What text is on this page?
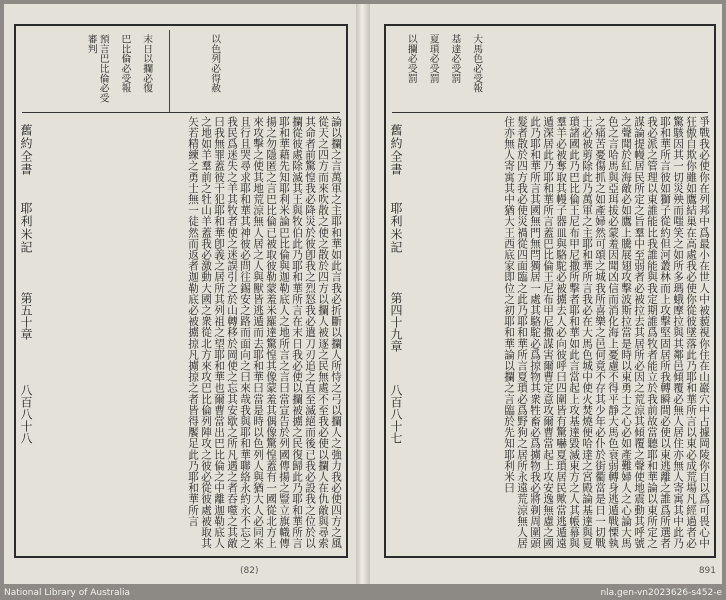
末日以攔必復

巴比倫必受報

預言巴比倫必受審判	以色列必得赦

論以攔之言萬軍之主耶和華如此言我必折斷以攔人所恃之弓以攔人之強力我必使四方之風從天之四方而來吹散之使之散於四方以攔人被逐之民無處不至我必使以攔人在仇敵與尋索其命者前驚惶我必降災於彼卽我之烈怒我必遣刀刃追之直至滅絕而後已我必設我之位於以攔從彼處除滅其王與牧伯此乃耶和華所言在末日我必使以攔被擄之民復歸此乃耶和華所言耶和華藉先知耶利米論巴比倫與迦勒底人之地所言之言曰當宣告於列國傳揚之豎立旗幟傳揚之勿隱匿之言巴比倫已被取彼勒蒙羞米羅達驚惶其像蒙羞其偶像驚惶蓋有一國從北方上來攻擊之使其地荒涼無人居之人與獸皆逃遁而去耶和華曰當是時以色列人與猶大人必同來且行且哭尋求耶和華其神彼必問往錫安之路而面向之曰來哉我與耶和華聯絡永約永不忘之我民爲迷失之羊其牧者使之迷誤引之於山轉移於岡使之忘其安歇之所凡遇之者吞噬之其敵曰我無罪蓋彼干犯耶和華卽義之居所其列祖之望耶和華也爾曹當出巴比倫之中離迦勒底人之地如羊羣前之牡山羊蓋我必激動大國之衆從北方來攻巴比倫列陣攻之彼必從彼處被取其矢若精練之勇士無一徒然而返者迦勒底必被擄掠凡擄掠之者皆得饜足此乃耶和華所言

舊約全書
耶利米記
第五十章
八百八十八
(82)

大馬色必受報

基達必受罰

夏瑣必受罰

以攔必受罰

爭戰我必使你在列邦中爲最小在世人中被藐視你住在山巖穴中占據岡陵你自以爲可畏心中狂傲自欺你雖如鷹結巢在高處我必使你從彼墜落此乃耶和華所言以東必成荒場凡經過者必驚駭因其一切災殃而嗤笑之如所多瑪蛾摩拉與其鄰邑傾覆必無人居住亦無人寄寓其中此乃耶和華所言彼如獅子從約但河叢林而上攻擊堅固居所我轉瞬間必使以東逃離之誰爲所選者我必派之管理以東誰能比我誰能與我定期誰爲牧者能立於我前故當聽耶和華論以東所定之謀論提幔居民所定之旨羣中至弱者必被拉去其居所必因之荒涼其傾覆之聲使地震動其呼號之聲聞於紅海敵必如鷹上騰展翅攻擊波斯拉當是時以東勇士之心必如產難婦人之心論大馬色之言哈馬與亞珥拔必蒙羞因聞凶信而消化海上憂慮不得平靜大馬色衰弱轉身逃遁戰慄執之痛苦憂傷抓之如產婦然可頌之城我所喜樂之邑何竟不存其少年必仆於街衢當是日一切戰士必被剪除此乃萬軍之主耶和華所言我必在大馬色城中使火焚燒便哈達之宮殿論基達與夏瑣諸國此乃巴比倫王尼布甲尼撒所擊者耶和華如此言當起上攻基達毀滅東方之人其帳幕與羣羊必被奪取其幔子器皿與駱駝必被擄去人必向彼呼曰四圍皆有驚嚇夏瑣居民歟當逃遁遠遁深居此乃耶和華所言蓋巴比倫王尼布甲尼撒謀害爾曹定意攻爾曹當起上攻安逸無慮之國此乃耶和華所言其國無門無閂獨居一處其駱駝必爲掠物其衆牲畜必爲擄物我必將剃周圍頭髮者散於四方我必使災禍從四面臨之此乃耶和華所言夏瑣必爲野狗之居所永遠荒涼無人居住亦無人寄寓其中猶大王西底家即位之初耶和華論以攔之言臨於先知耶利米曰

舊約全書
耶利米記
第四十九章
八百八十七
891
National Library of Australia	nla.gen-vn2023626-s452-e
